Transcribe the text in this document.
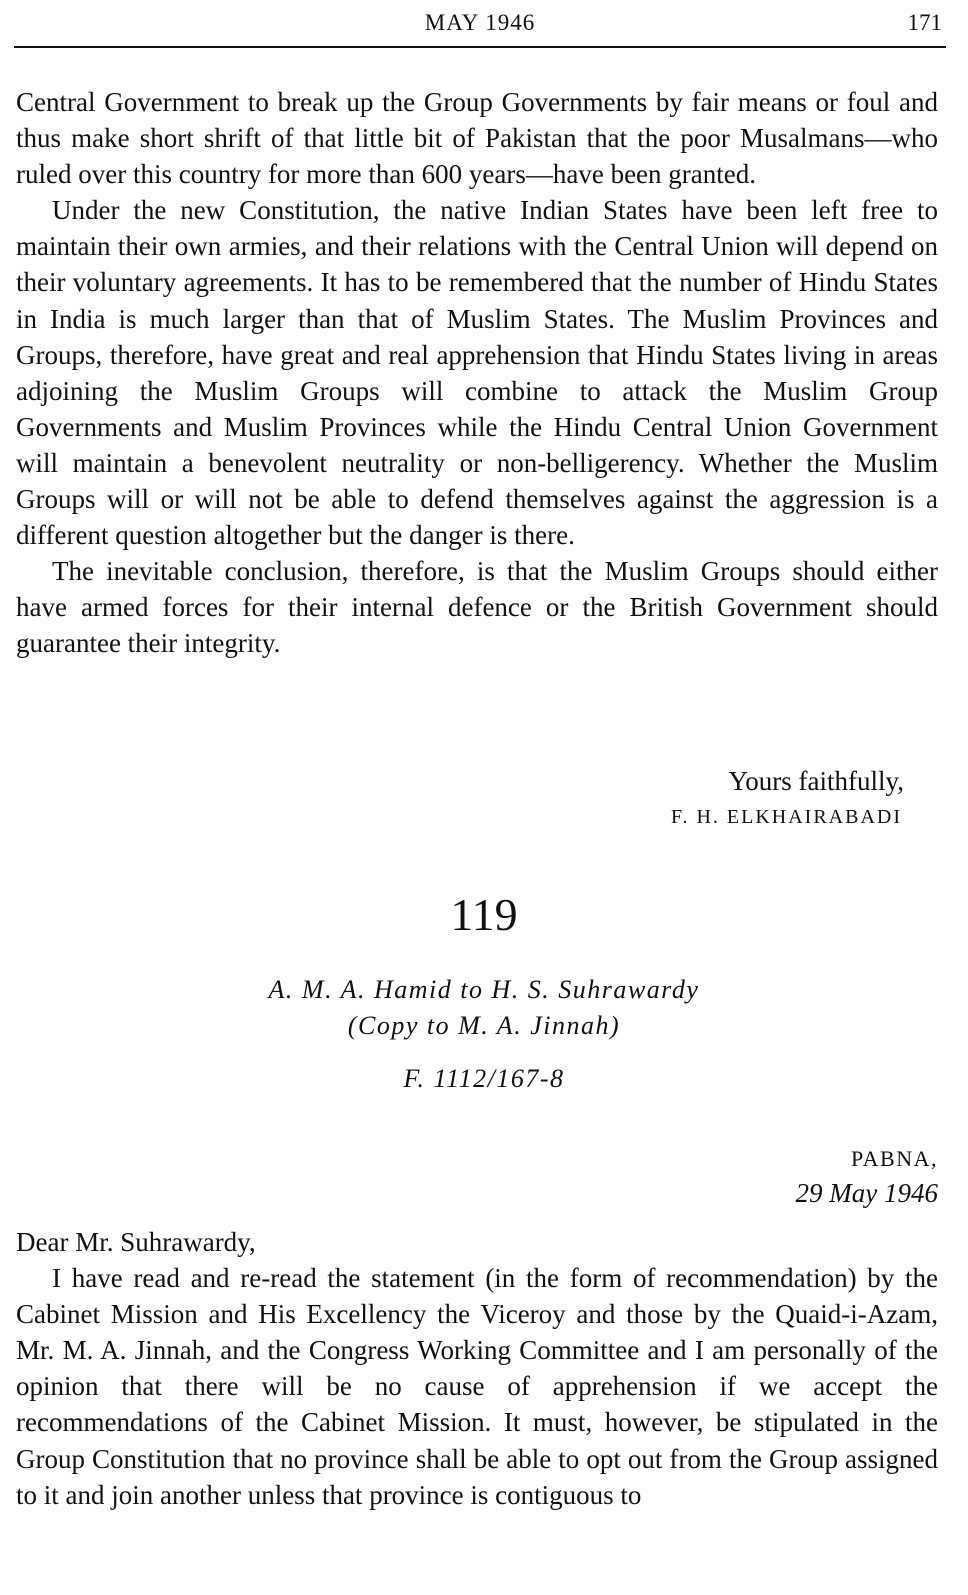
MAY 1946	171

Central Government to break up the Group Governments by fair means or foul and thus make short shrift of that little bit of Pakistan that the poor Musalmans—who ruled over this country for more than 600 years—have been granted.

Under the new Constitution, the native Indian States have been left free to maintain their own armies, and their relations with the Central Union will depend on their voluntary agreements. It has to be remembered that the number of Hindu States in India is much larger than that of Muslim States. The Muslim Provinces and Groups, therefore, have great and real apprehension that Hindu States living in areas adjoining the Muslim Groups will combine to attack the Muslim Group Governments and Muslim Provinces while the Hindu Central Union Government will maintain a benevolent neutrality or non-belligerency. Whether the Muslim Groups will or will not be able to defend themselves against the aggression is a different question altogether but the danger is there.

The inevitable conclusion, therefore, is that the Muslim Groups should either have armed forces for their internal defence or the British Government should guarantee their integrity.

Yours faithfully,
F. H. ELKHAIRABADI
119
A. M. A. Hamid to H. S. Suhrawardy
(Copy to M. A. Jinnah)
F. 1112/167-8
PABNA,
29 May 1946

Dear Mr. Suhrawardy,

I have read and re-read the statement (in the form of recommendation) by the Cabinet Mission and His Excellency the Viceroy and those by the Quaid-i-Azam, Mr. M. A. Jinnah, and the Congress Working Committee and I am personally of the opinion that there will be no cause of apprehension if we accept the recommendations of the Cabinet Mission. It must, however, be stipulated in the Group Constitution that no province shall be able to opt out from the Group assigned to it and join another unless that province is contiguous to
